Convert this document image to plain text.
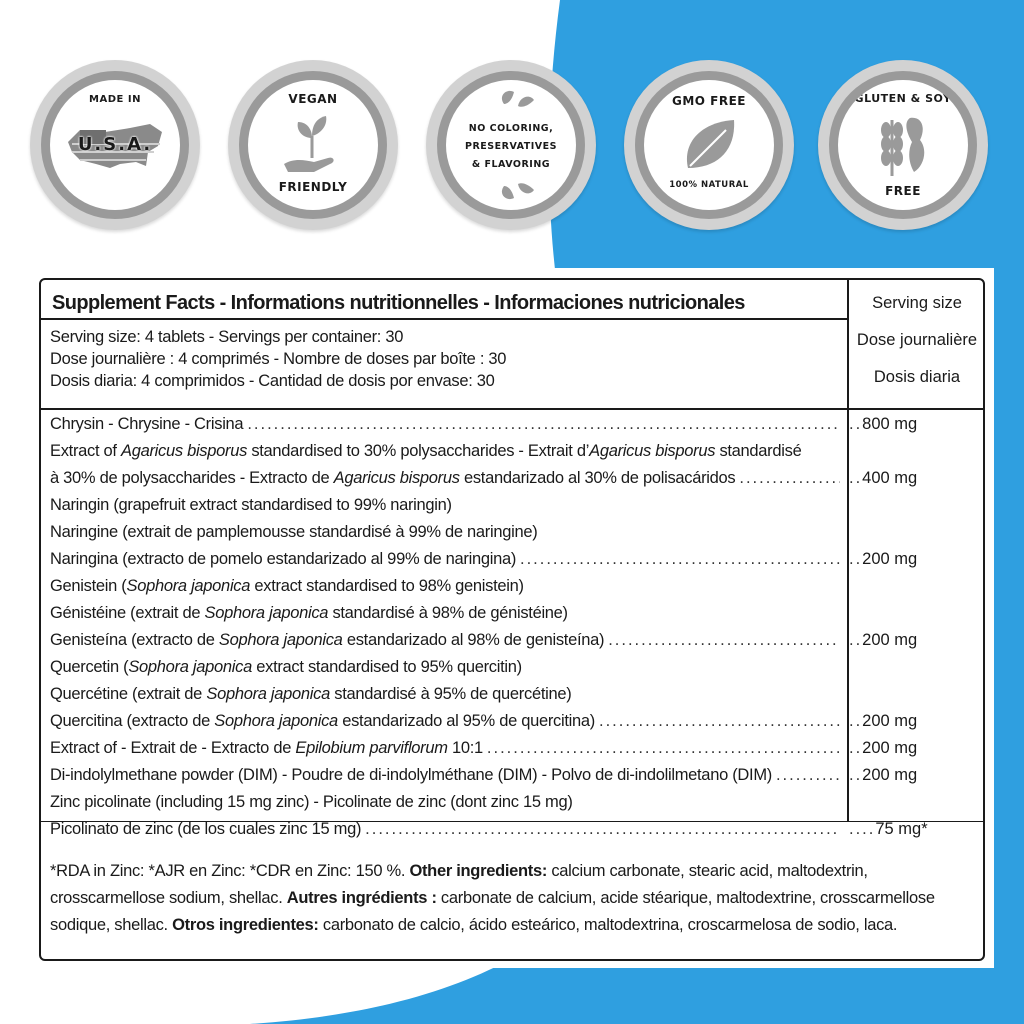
MADE IN
U.S.A.
VEGAN
FRIENDLY
NO COLORING,
PRESERVATIVES
& FLAVORING
GMO FREE
100% NATURAL
GLUTEN & SOY
FREE
Supplement Facts - Informations nutritionnelles - Informaciones nutricionales	Serving size
Dose journalière
Dosis diaria
Serving size: 4 tablets - Servings per container: 30
Dose journalière : 4 comprimés - Nombre de doses par boîte : 30
Dosis diaria: 4 comprimidos - Cantidad de dosis por envase: 30
Chrysin - Chrysine - Crisina .....	..800 mg
Extract of Agaricus bisporus standardised to 30% polysaccharides - Extrait d’Agaricus bisporus standardisé
à 30% de polysaccharides - Extracto de Agaricus bisporus estandarizado al 30% de polisacáridos .....	..400 mg
Naringin (grapefruit extract standardised to 99% naringin)
Naringine (extrait de pamplemousse standardisé à 99% de naringine)
Naringina (extracto de pomelo estandarizado al 99% de naringina) .....	..200 mg
Genistein (Sophora japonica extract standardised to 98% genistein)
Génistéine (extrait de Sophora japonica standardisé à 98% de génistéine)
Genisteína (extracto de Sophora japonica estandarizado al 98% de genisteína) .....	..200 mg
Quercetin (Sophora japonica extract standardised to 95% quercitin)
Quercétine (extrait de Sophora japonica standardisé à 95% de quercétine)
Quercitina (extracto de Sophora japonica estandarizado al 95% de quercitina) .....	..200 mg
Extract of - Extrait de - Extracto de Epilobium parviflorum 10:1 .....	..200 mg
Di-indolylmethane powder (DIM) - Poudre de di-indolylméthane (DIM) - Polvo de di-indolilmetano (DIM) .....	..200 mg
Zinc picolinate (including 15 mg zinc) - Picolinate de zinc (dont zinc 15 mg)
Picolinato de zinc (de los cuales zinc 15 mg) .....	....75 mg*
*RDA in Zinc: *AJR en Zinc: *CDR en Zinc: 150 %. Other ingredients: calcium carbonate, stearic acid, maltodextrin, crosscarmellose sodium, shellac. Autres ingrédients : carbonate de calcium, acide stéarique, maltodextrine, crosscarmellose sodique, shellac. Otros ingredientes: carbonato de calcio, ácido esteárico, maltodextrina, croscarmelosa de sodio, laca.
